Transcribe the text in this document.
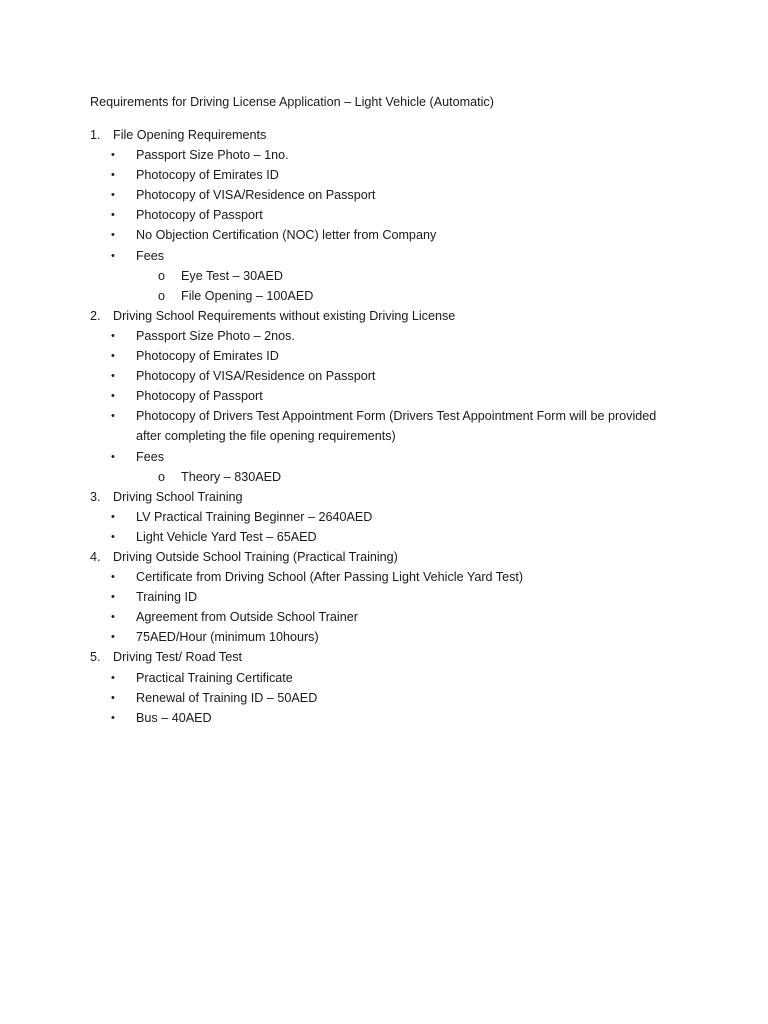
Requirements for Driving License Application – Light Vehicle (Automatic)
1. File Opening Requirements
• Passport Size Photo – 1no.
• Photocopy of Emirates ID
• Photocopy of VISA/Residence on Passport
• Photocopy of Passport
• No Objection Certification (NOC) letter from Company
• Fees
o Eye Test – 30AED
o File Opening – 100AED
2. Driving School Requirements without existing Driving License
• Passport Size Photo – 2nos.
• Photocopy of Emirates ID
• Photocopy of VISA/Residence on Passport
• Photocopy of Passport
• Photocopy of Drivers Test Appointment Form (Drivers Test Appointment Form will be provided
after completing the file opening requirements)
• Fees
o Theory – 830AED
3. Driving School Training
• LV Practical Training Beginner – 2640AED
• Light Vehicle Yard Test – 65AED
4. Driving Outside School Training (Practical Training)
• Certificate from Driving School (After Passing Light Vehicle Yard Test)
• Training ID
• Agreement from Outside School Trainer
• 75AED/Hour (minimum 10hours)
5. Driving Test/ Road Test
• Practical Training Certificate
• Renewal of Training ID – 50AED
• Bus – 40AED
